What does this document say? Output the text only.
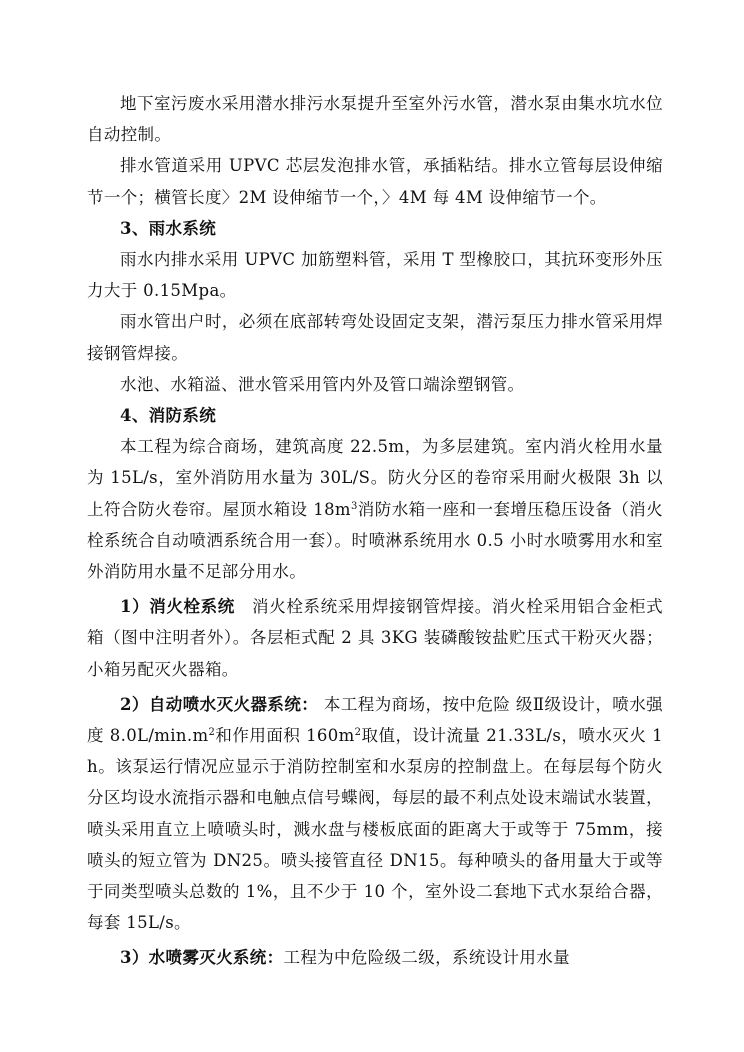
地下室污废水采用潜水排污水泵提升至室外污水管，潜水泵由集水坑水位自动控制。

排水管道采用 UPVC 芯层发泡排水管，承插粘结。排水立管每层设伸缩节一个；横管长度〉2M 设伸缩节一个，〉4M 每 4M 设伸缩节一个。

3、雨水系统

雨水内排水采用 UPVC 加筋塑料管，采用 T 型橡胶口，其抗环变形外压力大于 0.15Mpa。

雨水管出户时，必须在底部转弯处设固定支架，潜污泵压力排水管采用焊接钢管焊接。

水池、水箱溢、泄水管采用管内外及管口端涂塑钢管。

4、消防系统

本工程为综合商场，建筑高度 22.5m，为多层建筑。室内消火栓用水量为 15L/s，室外消防用水量为 30L/S。防火分区的卷帘采用耐火极限 3h 以上符合防火卷帘。屋顶水箱设 $18m^3$消防水箱一座和一套增压稳压设备（消火栓系统合自动喷洒系统合用一套）。时喷淋系统用水 0.5 小时水喷雾用水和室外消防用水量不足部分用水。

1）消火栓系统　消火栓系统采用焊接钢管焊接。消火栓采用铝合金柜式箱（图中注明者外）。各层柜式配 2 具 3KG 装磷酸铵盐贮压式干粉灭火器；小箱另配灭火器箱。

2）自动喷水灭火器系统： 本工程为商场，按中危险 级Ⅱ级设计，喷水强度 $8.0L/\min.m^2$和作用面积 $160m^2$取值，设计流量 21.33L/s，喷水灭火 1h。该泵运行情况应显示于消防控制室和水泵房的控制盘上。在每层每个防火分区均设水流指示器和电触点信号蝶阀，每层的最不利点处设末端试水装置，喷头采用直立上喷喷头时，溅水盘与楼板底面的距离大于或等于 75mm，接喷头的短立管为 DN25。喷头接管直径 DN15。每种喷头的备用量大于或等于同类型喷头总数的 1%，且不少于 10 个，室外设二套地下式水泵给合器，每套 15L/s。

3）水喷雾灭火系统：工程为中危险级二级，系统设计用水量
